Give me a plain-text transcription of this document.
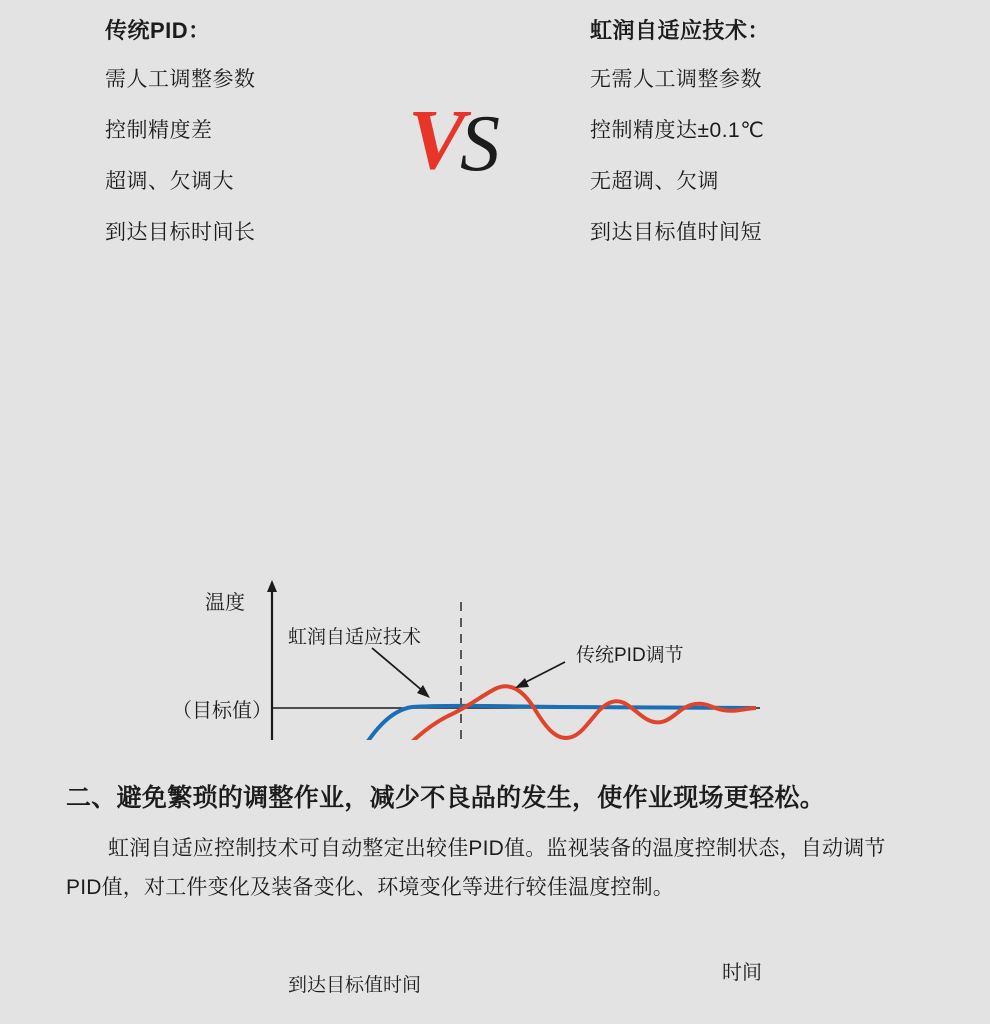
传统PID：
需人工调整参数
控制精度差
超调、欠调大
到达目标时间长
V
S
虹润自适应技术：
无需人工调整参数
控制精度达±0.1℃
无超调、欠调
到达目标值时间短
温度
时间
（目标值）
虹润自适应技术
传统PID调节
到达目标值时间
二、避免繁琐的调整作业，减少不良品的发生，使作业现场更轻松。
虹润自适应控制技术可自动整定出较佳PID值。监视装备的温度控制状态，自动调节PID值，对工件变化及装备变化、环境变化等进行较佳温度控制。
